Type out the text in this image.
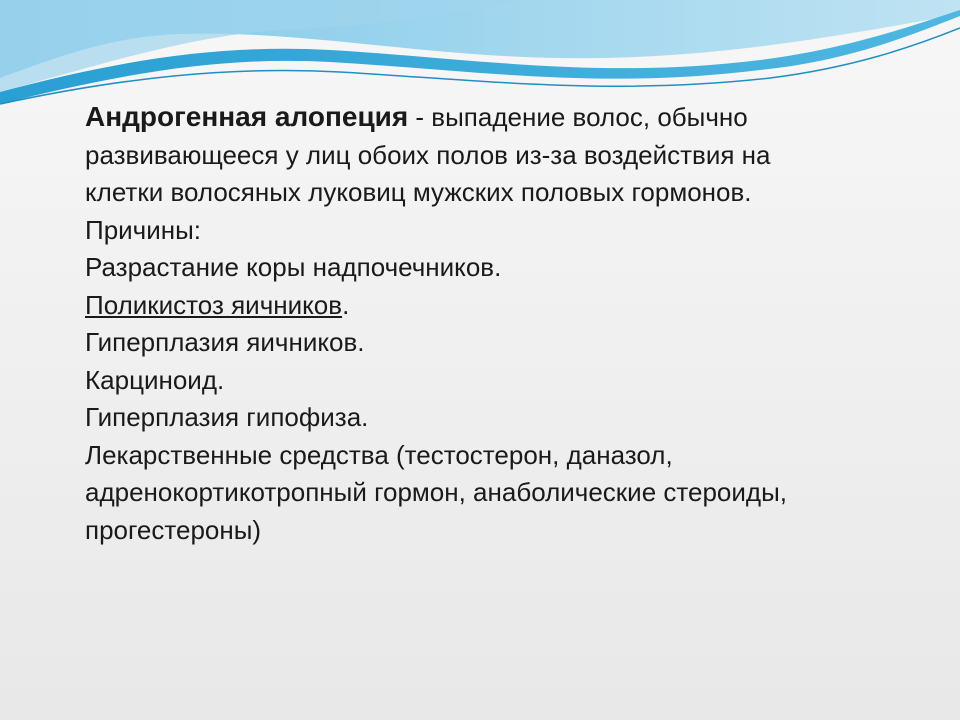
Андрогенная алопеция - выпадение волос, обычно развивающееся у лиц обоих полов из-за воздействия на клетки волосяных луковиц мужских половых гормонов. Причины:

Разрастание коры надпочечников.
Поликистоз яичников.
Гиперплазия яичников.
Карциноид.
Гиперплазия гипофиза.
Лекарственные средства (тестостерон, даназол, адренокортикотропный гормон, анаболические стероиды, прогестероны)
